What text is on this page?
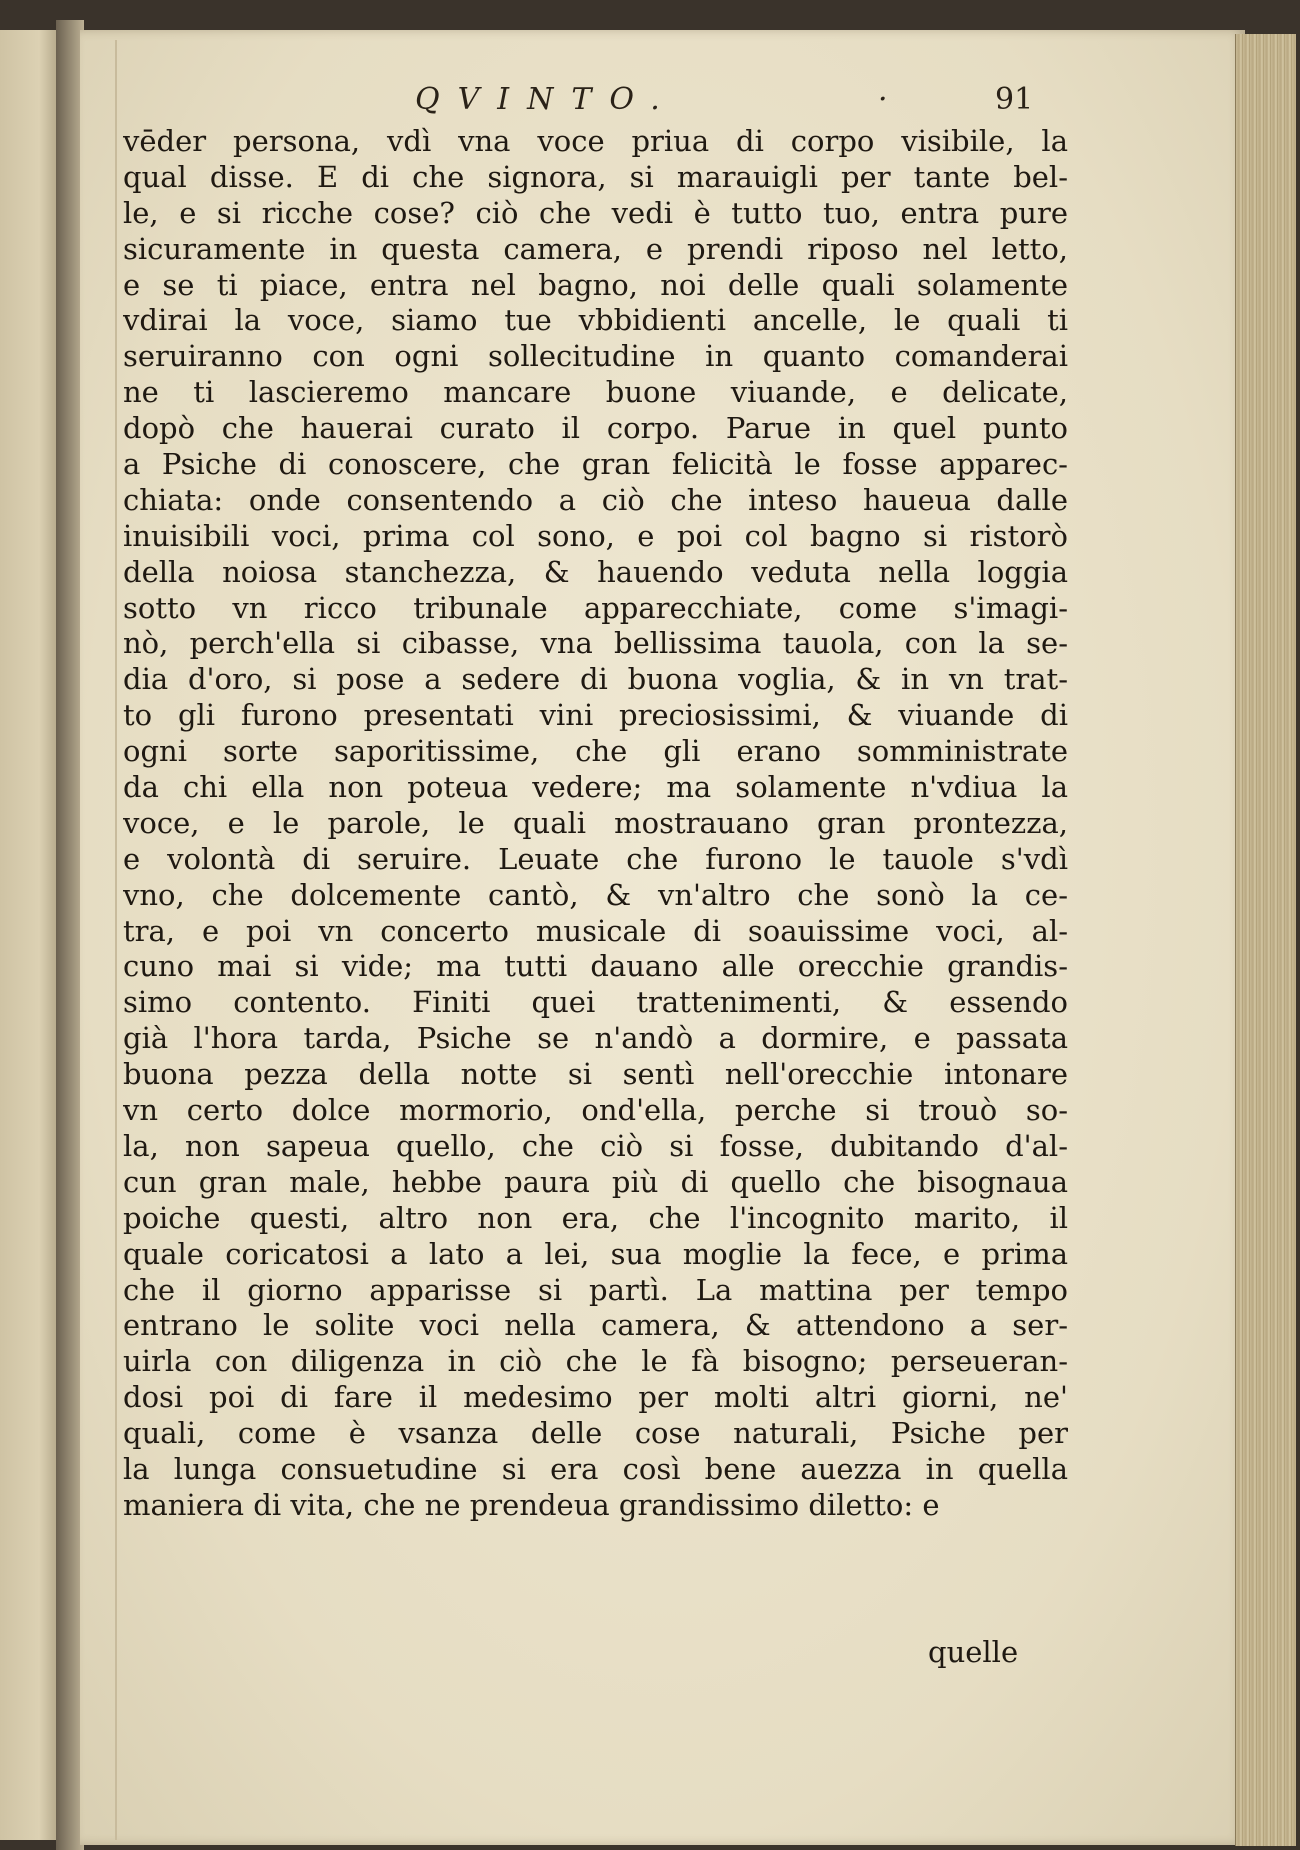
QVINTO.	·	91
vēder persona, vdì vna voce priua di corpo visibile, la
qual disse. E di che signora, si marauigli per tante bel-
le, e si ricche cose? ciò che vedi è tutto tuo, entra pure
sicuramente in questa camera, e prendi riposo nel letto,
e se ti piace, entra nel bagno, noi delle quali solamente
vdirai la voce, siamo tue vbbidienti ancelle, le quali ti
seruiranno con ogni sollecitudine in quanto comanderai
ne ti lascieremo mancare buone viuande, e delicate,
dopò che hauerai curato il corpo. Parue in quel punto
a Psiche di conoscere, che gran felicità le fosse apparec-
chiata: onde consentendo a ciò che inteso haueua dalle
inuisibili voci, prima col sono, e poi col bagno si ristorò
della noiosa stanchezza, & hauendo veduta nella loggia
sotto vn ricco tribunale apparecchiate, come s'imagi-
nò, perch'ella si cibasse, vna bellissima tauola, con la se-
dia d'oro, si pose a sedere di buona voglia, & in vn trat-
to gli furono presentati vini preciosissimi, & viuande di
ogni sorte saporitissime, che gli erano somministrate
da chi ella non poteua vedere; ma solamente n'vdiua la
voce, e le parole, le quali mostrauano gran prontezza,
e volontà di seruire. Leuate che furono le tauole s'vdì
vno, che dolcemente cantò, & vn'altro che sonò la ce-
tra, e poi vn concerto musicale di soauissime voci, al-
cuno mai si vide; ma tutti dauano alle orecchie grandis-
simo contento. Finiti quei trattenimenti, & essendo
già l'hora tarda, Psiche se n'andò a dormire, e passata
buona pezza della notte si sentì nell'orecchie intonare
vn certo dolce mormorio, ond'ella, perche si trouò so-
la, non sapeua quello, che ciò si fosse, dubitando d'al-
cun gran male, hebbe paura più di quello che bisognaua
poiche questi, altro non era, che l'incognito marito, il
quale coricatosi a lato a lei, sua moglie la fece, e prima
che il giorno apparisse si partì. La mattina per tempo
entrano le solite voci nella camera, & attendono a ser-
uirla con diligenza in ciò che le fà bisogno; perseueran-
dosi poi di fare il medesimo per molti altri giorni, ne'
quali, come è vsanza delle cose naturali, Psiche per
la lunga consuetudine si era così bene auezza in quella
maniera di vita, che ne prendeua grandissimo diletto: e
quelle
